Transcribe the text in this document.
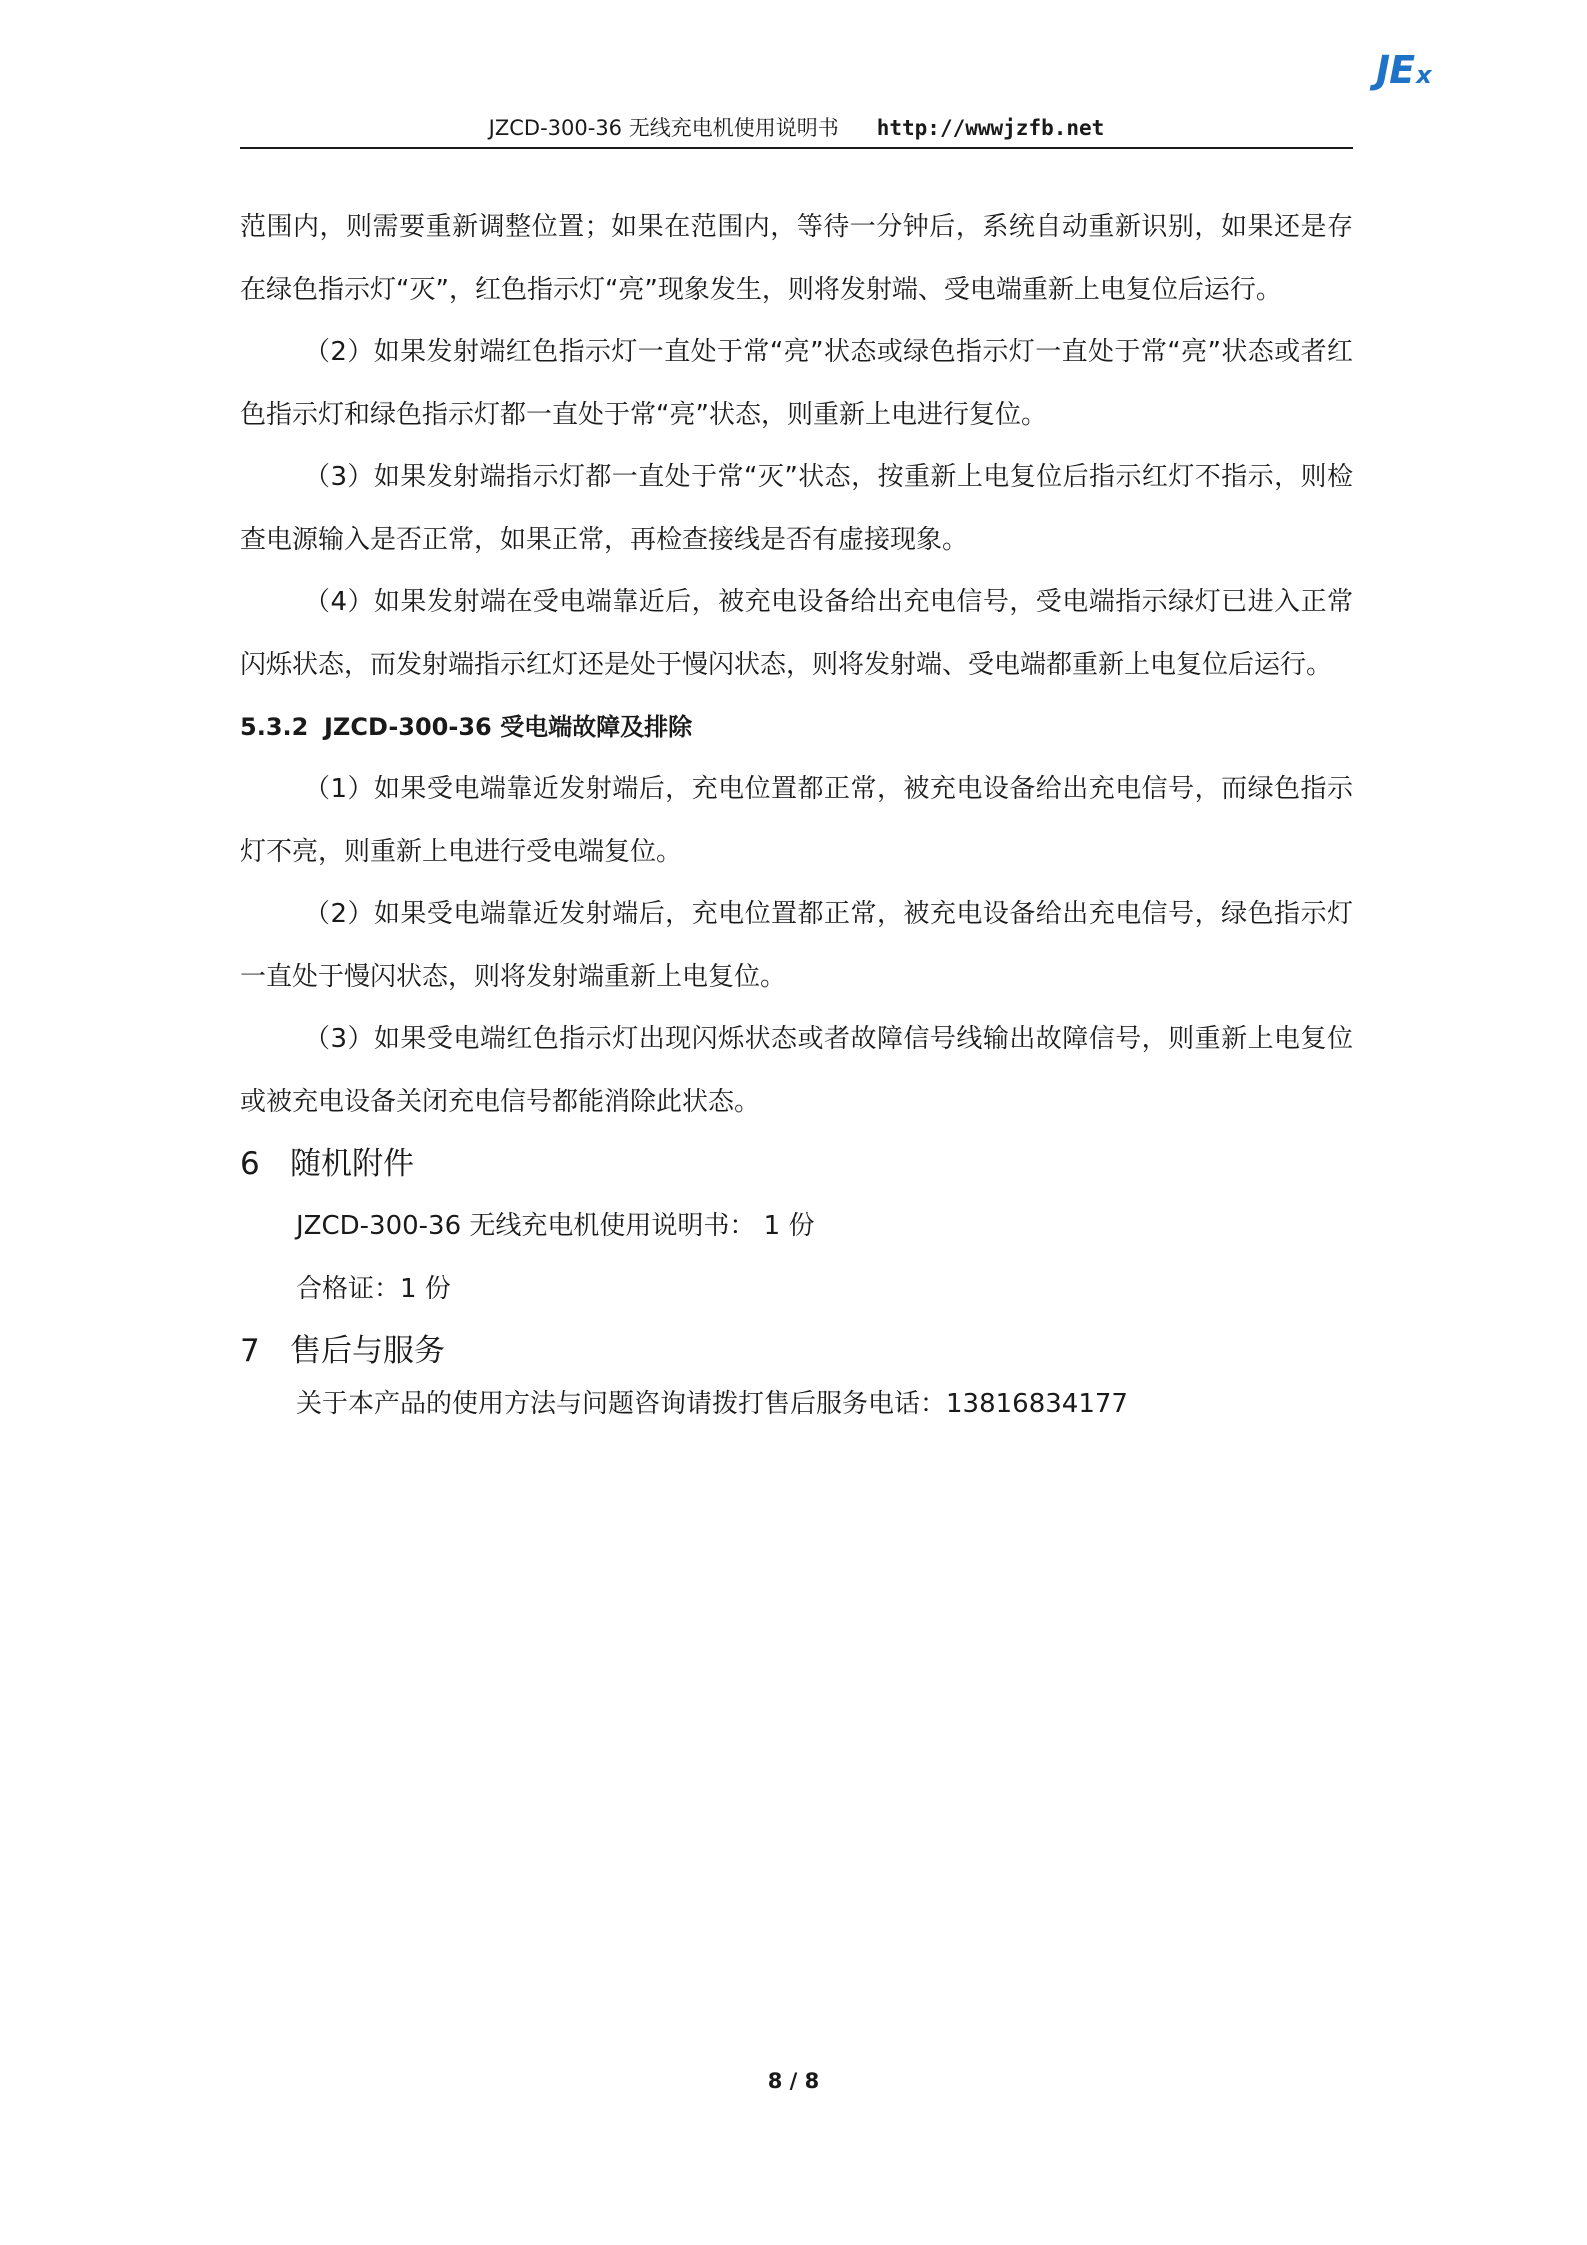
JEx
JZCD-300-36 无线充电机使用说明书 http://wwwjzfb.net

范围内，则需要重新调整位置；如果在范围内，等待一分钟后，系统自动重新识别，如果还是存在绿色指示灯“灭”，红色指示灯“亮”现象发生，则将发射端、受电端重新上电复位后运行。

（2）如果发射端红色指示灯一直处于常“亮”状态或绿色指示灯一直处于常“亮”状态或者红色指示灯和绿色指示灯都一直处于常“亮”状态，则重新上电进行复位。

（3）如果发射端指示灯都一直处于常“灭”状态，按重新上电复位后指示红灯不指示，则检查电源输入是否正常，如果正常，再检查接线是否有虚接现象。

（4）如果发射端在受电端靠近后，被充电设备给出充电信号，受电端指示绿灯已进入正常闪烁状态，而发射端指示红灯还是处于慢闪状态，则将发射端、受电端都重新上电复位后运行。

5.3.2 JZCD-300-36 受电端故障及排除

（1）如果受电端靠近发射端后，充电位置都正常，被充电设备给出充电信号，而绿色指示灯不亮，则重新上电进行受电端复位。

（2）如果受电端靠近发射端后，充电位置都正常，被充电设备给出充电信号，绿色指示灯一直处于慢闪状态，则将发射端重新上电复位。

（3）如果受电端红色指示灯出现闪烁状态或者故障信号线输出故障信号，则重新上电复位或被充电设备关闭充电信号都能消除此状态。

6 随机附件

JZCD-300-36 无线充电机使用说明书： 1 份

合格证：1 份

7 售后与服务

关于本产品的使用方法与问题咨询请拨打售后服务电话：13816834177

8 / 8
